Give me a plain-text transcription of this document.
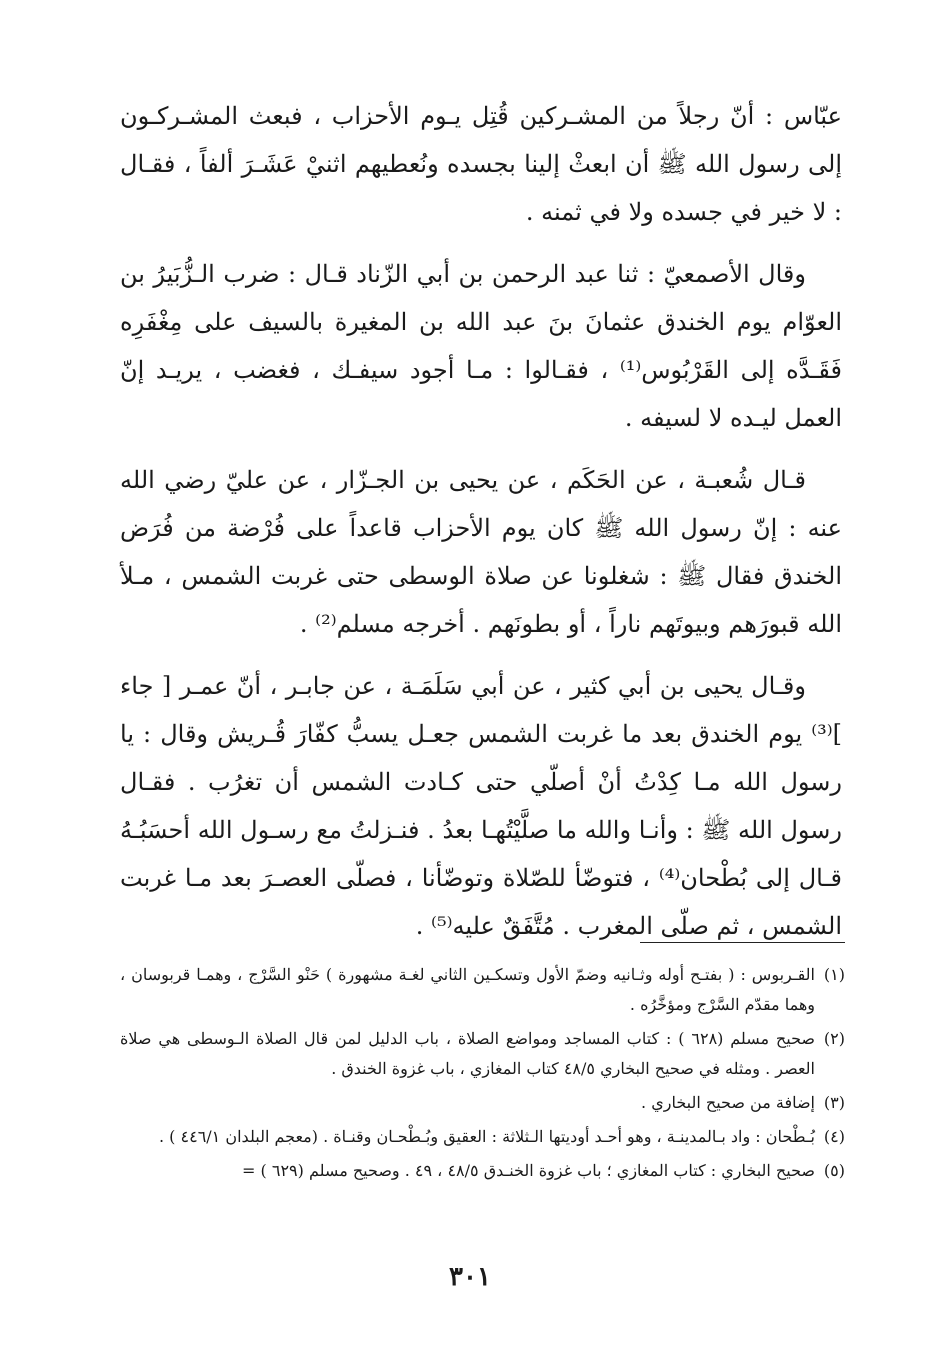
عبّاس : أنّ رجلاً من المشـركين قُتِل يـوم الأحزاب ، فبعث المشـركـون إلى رسول الله ﷺ أن ابعثْ إلينا بجسده ونُعطيهم اثنيْ عَشَـرَ ألفاً ، فقـال : لا خير في جسده ولا في ثمنه .

وقال الأصمعيّ : ثنا عبد الرحمن بن أبي الزّناد قـال : ضرب الـزُّبَيرُ بن العوّام يوم الخندق عثمانَ بنَ عبد الله بن المغيرة بالسيف على مِغْفَرِه فَقَـدَّه إلى القَرْبُوس⁽¹⁾ ، فقـالوا : مـا أجود سيفـك ، فغضب ، يريـد إنّ العمل ليـده لا لسيفه .

قـال شُعبـة ، عن الحَكَم ، عن يحيى بن الجـزّار ، عن عليّ رضي الله عنه : إنّ رسول الله ﷺ كان يوم الأحزاب قاعداً على فُرْضة من فُرَض الخندق فقال ﷺ : شغلونا عن صلاة الوسطى حتى غربت الشمس ، مـلأ الله قبورَهم وبيوتَهم ناراً ، أو بطونَهم . أخرجه مسلم⁽²⁾ .

وقـال يحيى بن أبي كثير ، عن أبي سَلَمَـة ، عن جابـر ، أنّ عمـر [ جاء ]⁽³⁾ يوم الخندق بعد ما غربت الشمس جعـل يسبُّ كفّارَ قُـريش وقال : يا رسول الله مـا كِدْتُ أنْ أصلّي حتى كـادت الشمس أن تغرُب . فقـال رسول الله ﷺ : وأنـا والله ما صلَّيْتُهـا بعدُ . فنـزلتُ مع رسـول الله أحسَبُـهُ قـال إلى بُطْحان⁽⁴⁾ ، فتوضّأ للصّلاة وتوضّأنا ، فصلّى العصـرَ بعد مـا غربت الشمس ، ثم صلّى المغرب . مُتَّفَقٌ عليه⁽⁵⁾ .

(١)
القـربوس : ( بفتـح أوله وثـانيه وضمّ الأول وتسكـين الثاني لغـة مشهورة ) حَنْو السَّرْج ، وهمـا قربوسان ، وهما مقدّم السَّرْج ومؤخَّرُه .
(٢)
صحيح مسلم (٦٢٨ ) : كتاب المساجد ومواضع الصلاة ، باب الدليل لمن قال الصلاة الـوسطى هي صلاة العصر . ومثله في صحيح البخاري ٤٨/٥ كتاب المغازي ، باب غزوة الخندق .
(٣)
إضافة من صحيح البخاري .
(٤)
بُـطْحان : واد بـالمدينـة ، وهو أحـد أوديتها الـثلاثة : العقيق وبُـطْحـان وقنـاة . (معجم البلدان ٤٤٦/١ ) .
(٥)
صحيح البخاري : كتاب المغازي ؛ باب غزوة الخنـدق ٤٨/٥ ، ٤٩ . وصحيح مسلم (٦٢٩ ) =
٣٠١
